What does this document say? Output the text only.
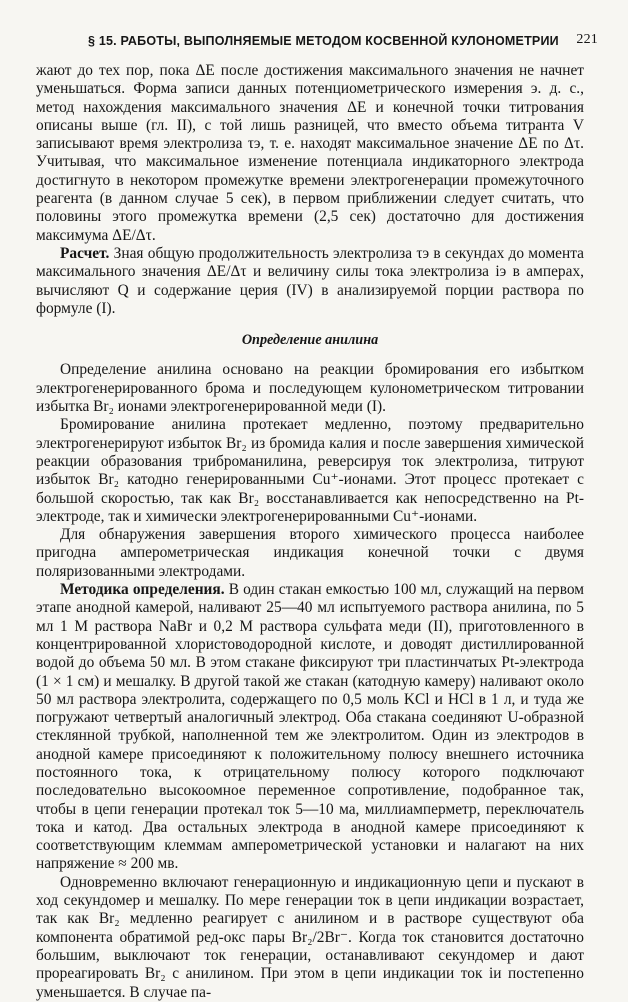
§ 15. РАБОТЫ, ВЫПОЛНЯЕМЫЕ МЕТОДОМ КОСВЕННОЙ КУЛОНОМЕТРИИ 221

жают до тех пор, пока ΔE после достижения максимального значения не начнет уменьшаться. Форма записи данных потенциометрического измерения э. д. с., метод нахождения максимального значения ΔE и конечной точки титрования описаны выше (гл. II), с той лишь разницей, что вместо объема титранта V записывают время электролиза τэ, т. е. находят максимальное значение ΔE по Δτ. Учитывая, что максимальное изменение потенциала индикаторного электрода достигнуто в некотором промежутке времени электрогенерации промежуточного реагента (в данном случае 5 сек), в первом приближении следует считать, что половины этого промежутка времени (2,5 сек) достаточно для достижения максимума ΔE/Δτ.

Расчет. Зная общую продолжительность электролиза τэ в секундах до момента максимального значения ΔE/Δτ и величину силы тока электролиза iэ в амперах, вычисляют Q и содержание церия (IV) в анализируемой порции раствора по формуле (I).

Определение анилина

Определение анилина основано на реакции бромирования его избытком электрогенерированного брома и последующем кулонометрическом титровании избытка Br₂ ионами электрогенерированной меди (I).

Бромирование анилина протекает медленно, поэтому предварительно электрогенерируют избыток Br₂ из бромида калия и после завершения химической реакции образования триброманилина, реверсируя ток электролиза, титруют избыток Br₂ катодно генерированными Cu⁺-ионами. Этот процесс протекает с большой скоростью, так как Br₂ восстанавливается как непосредственно на Pt-электроде, так и химически электрогенерированными Cu⁺-ионами.

Для обнаружения завершения второго химического процесса наиболее пригодна амперометрическая индикация конечной точки с двумя поляризованными электродами.

Методика определения. В один стакан емкостью 100 мл, служащий на первом этапе анодной камерой, наливают 25—40 мл испытуемого раствора анилина, по 5 мл 1 M раствора NaBr и 0,2 M раствора сульфата меди (II), приготовленного в концентрированной хлористоводородной кислоте, и доводят дистиллированной водой до объема 50 мл. В этом стакане фиксируют три пластинчатых Pt-электрода (1 × 1 см) и мешалку. В другой такой же стакан (катодную камеру) наливают около 50 мл раствора электролита, содержащего по 0,5 моль KCl и HCl в 1 л, и туда же погружают четвертый аналогичный электрод. Оба стакана соединяют U-образной стеклянной трубкой, наполненной тем же электролитом. Один из электродов в анодной камере присоединяют к положительному полюсу внешнего источника постоянного тока, к отрицательному полюсу которого подключают последовательно высокоомное переменное сопротивление, подобранное так, чтобы в цепи генерации протекал ток 5—10 ма, миллиамперметр, переключатель тока и катод. Два остальных электрода в анодной камере присоединяют к соответствующим клеммам амперометрической установки и налагают на них напряжение ≈ 200 мв.

Одновременно включают генерационную и индикационную цепи и пускают в ход секундомер и мешалку. По мере генерации ток в цепи индикации возрастает, так как Br₂ медленно реагирует с анилином и в растворе существуют оба компонента обратимой ред-окс пары Br₂/2Br⁻. Когда ток становится достаточно большим, выключают ток генерации, останавливают секундомер и дают прореагировать Br₂ с анилином. При этом в цепи индикации ток iи постепенно уменьшается. В случае па-
